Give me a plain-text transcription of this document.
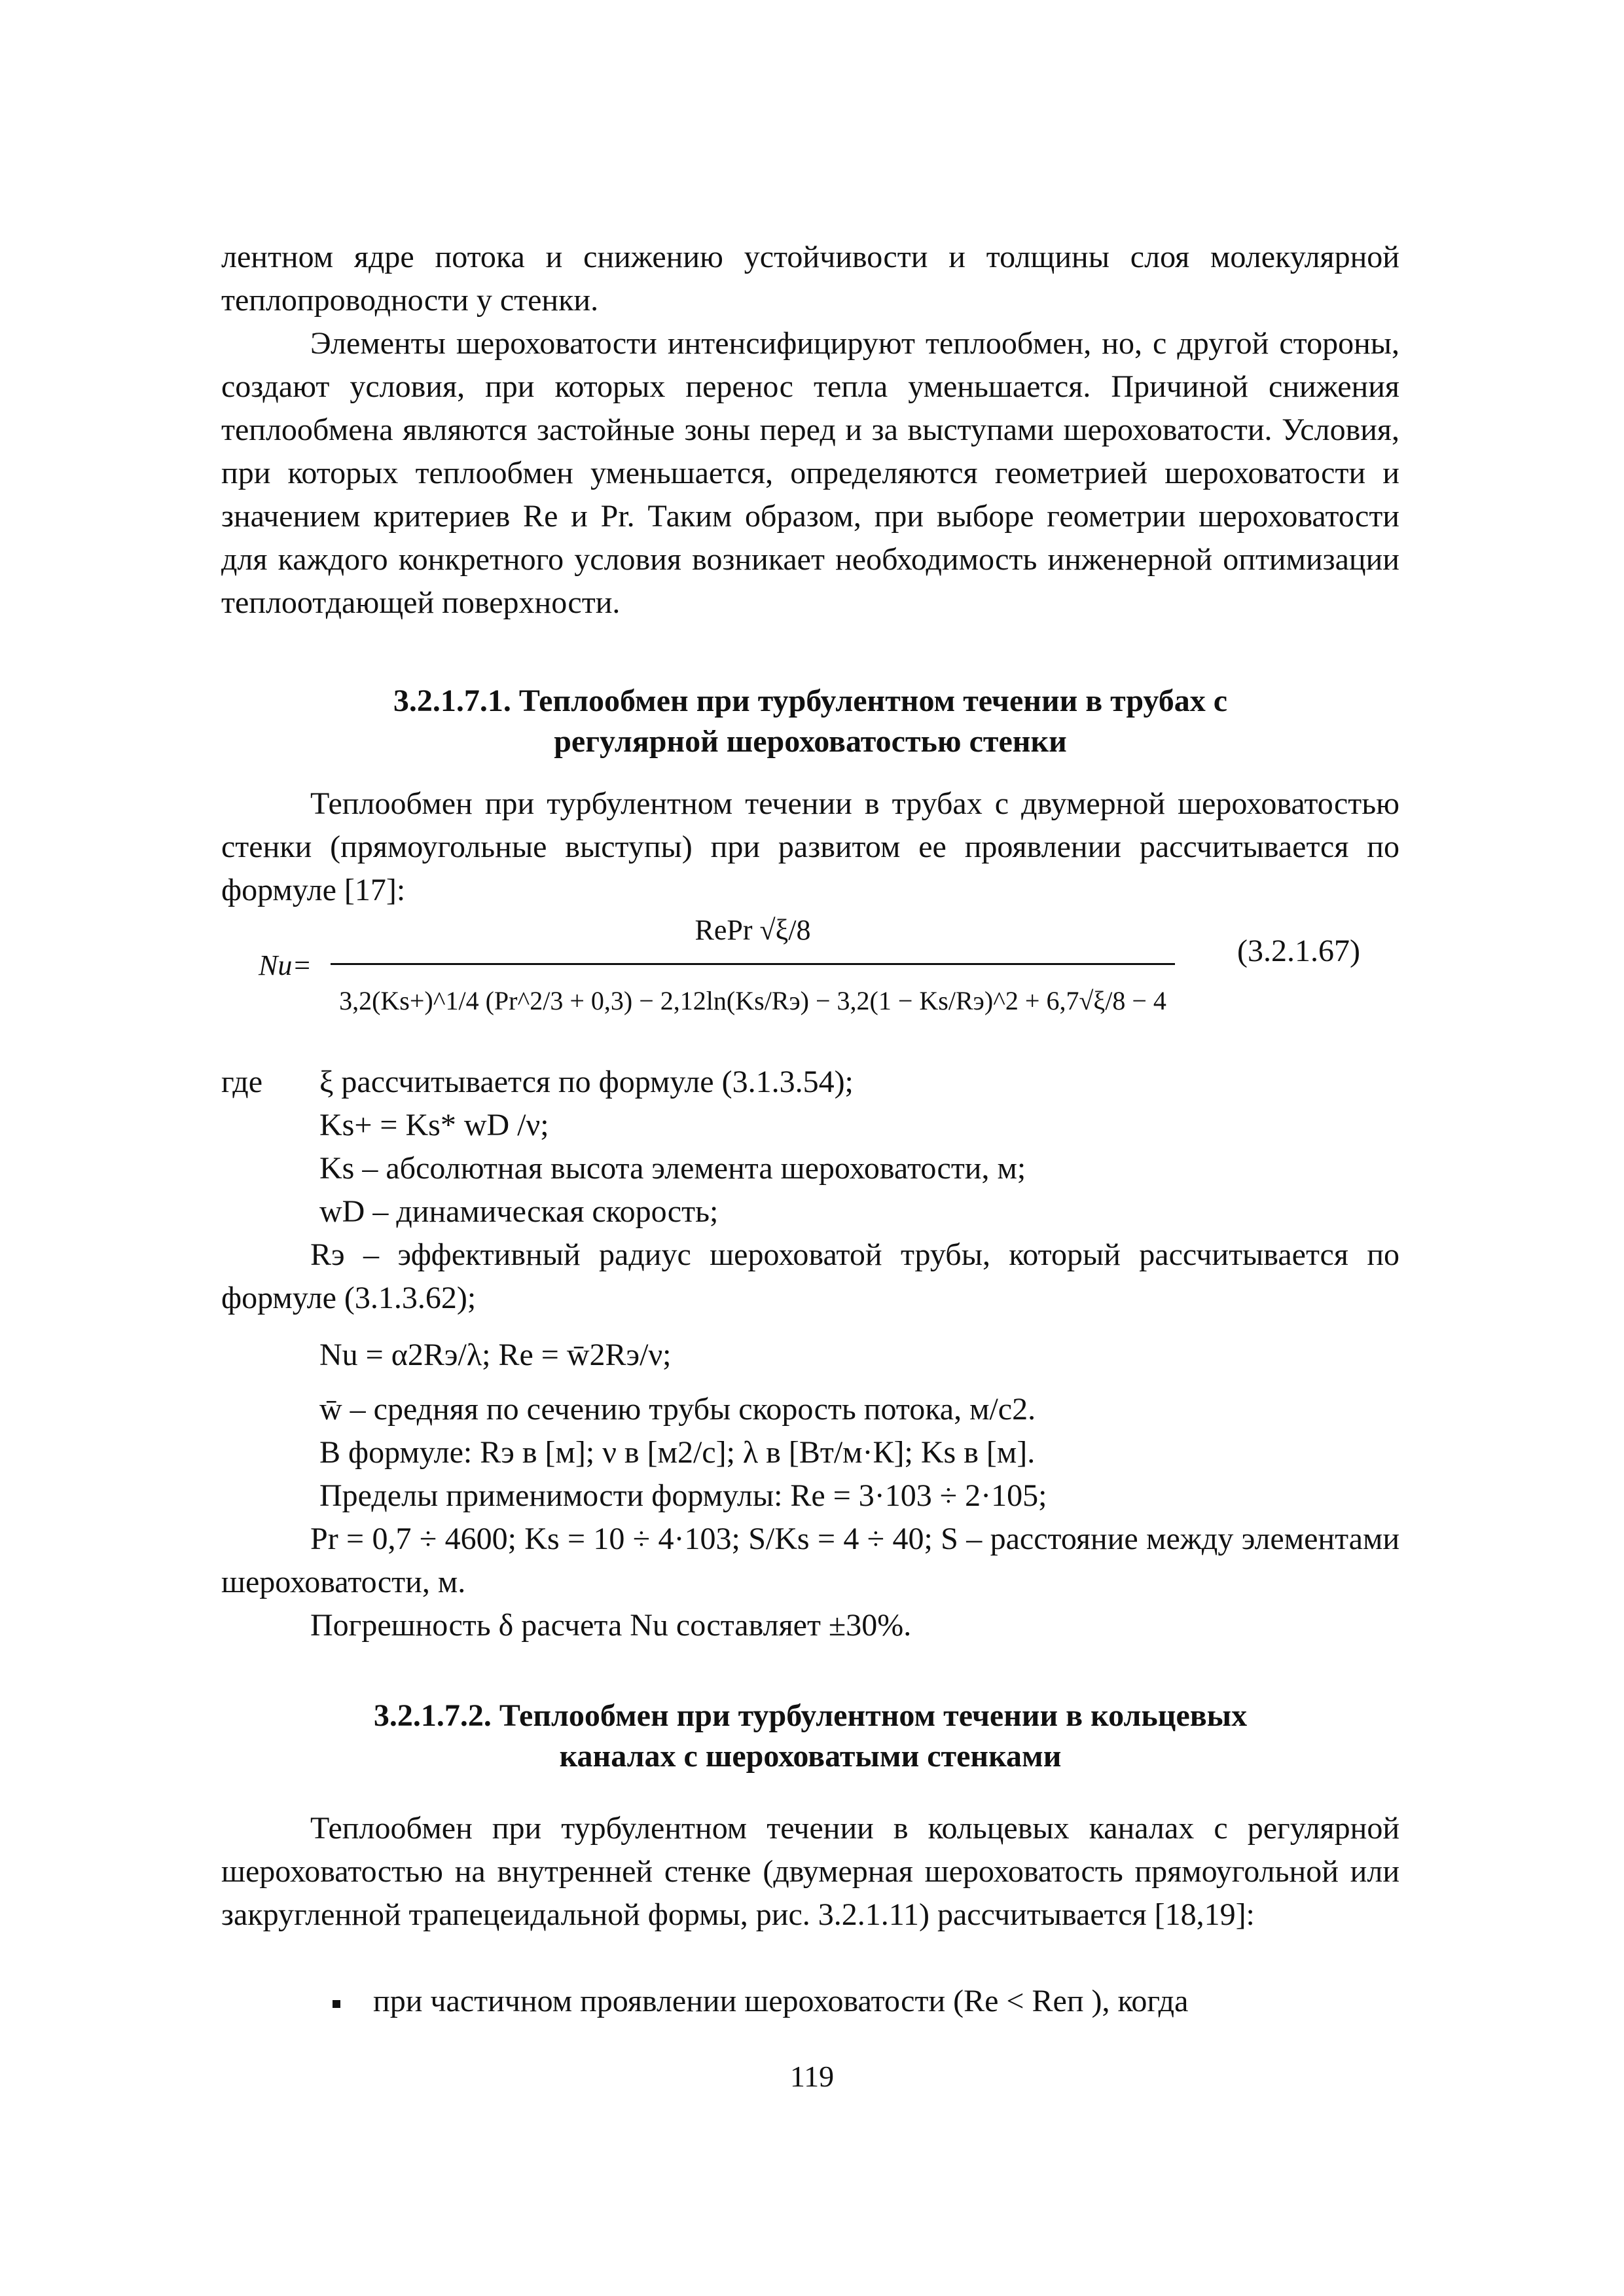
лентном ядре потока и снижению устойчивости и толщины слоя молекулярной теплопроводности у стенки.

Элементы шероховатости интенсифицируют теплообмен, но, с другой стороны, создают условия, при которых перенос тепла уменьшается. Причиной снижения теплообмена являются застойные зоны перед и за выступами шероховатости. Условия, при которых теплообмен уменьшается, определяются геометрией шероховатости и значением критериев Re и Pr. Таким образом, при выборе геометрии шероховатости для каждого конкретного условия возникает необходимость инженерной оптимизации теплоотдающей поверхности.

3.2.1.7.1. Теплообмен при турбулентном течении в трубах с

регулярной шероховатостью стенки

Теплообмен при турбулентном течении в трубах с двумерной шероховатостью стенки (прямоугольные выступы) при развитом ее проявлении рассчитывается по формуле [17]:

Nu=
RePr √ξ/8
3,2(Ks+)^1/4 (Pr^2/3 + 0,3) − 2,12ln(Ks/Rэ) − 3,2(1 − Ks/Rэ)^2 + 6,7√ξ/8 − 4
(3.2.1.67)
где ξ рассчитывается по формуле (3.1.3.54);

Ks+ = Ks* wD /ν;

Ks – абсолютная высота элемента шероховатости, м;

wD – динамическая скорость;

Rэ – эффективный радиус шероховатой трубы, который рассчитывается по формуле (3.1.3.62);

Nu = α2Rэ/λ; Re = w̄2Rэ/ν;

w̄ – средняя по сечению трубы скорость потока, м/с2.

В формуле: Rэ в [м]; ν в [м2/с]; λ в [Вт/м·К]; Ks в [м].

Пределы применимости формулы: Re = 3·103 ÷ 2·105;

Pr = 0,7 ÷ 4600; Ks = 10 ÷ 4·103; S/Ks = 4 ÷ 40; S – расстояние между элементами шероховатости, м.

Погрешность δ расчета Nu составляет ±30%.

3.2.1.7.2. Теплообмен при турбулентном течении в кольцевых

каналах с шероховатыми стенками

Теплообмен при турбулентном течении в кольцевых каналах с регулярной шероховатостью на внутренней стенке (двумерная шероховатость прямоугольной или закругленной трапецеидальной формы, рис. 3.2.1.11) рассчитывается [18,19]:

при частичном проявлении шероховатости (Re < Reп ), когда

119
